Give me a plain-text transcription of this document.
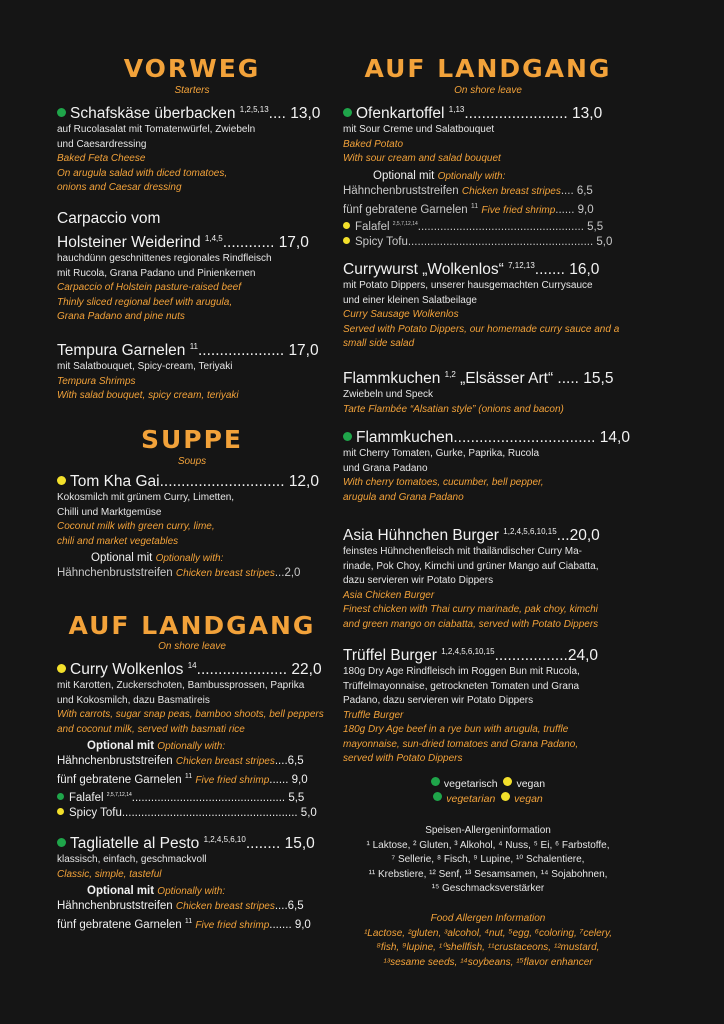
VORWEG
Starters
Schafskäse überbacken $^{1,2,5,13}$.... 13,0
auf Rucolasalat mit Tomatenwürfel, Zwiebeln
und Caesardressing
Baked Feta Cheese
On arugula salad with diced tomatoes,
onions and Caesar dressing
Carpaccio vom
Holsteiner Weiderind $^{1,4,5}$............ 17,0
hauchdünn geschnittenes regionales Rindfleisch
mit Rucola, Grana Padano und Pinienkernen
Carpaccio of Holstein pasture-raised beef
Thinly sliced regional beef with arugula,
Grana Padano and pine nuts
Tempura Garnelen $^{11}$.................... 17,0
mit Salatbouquet, Spicy-cream, Teriyaki
Tempura Shrimps
With salad bouquet, spicy cream, teriyaki
SUPPE
Soups
Tom Kha Gai............................. 12,0
Kokosmilch mit grünem Curry, Limetten,
Chilli und Marktgemüse
Coconut milk with green curry, lime,
chili and market vegetables
Optional mit Optionally with:
Hähnchenbruststreifen Chicken breast stripes...2,0
AUF LANDGANG
On shore leave
Curry Wolkenlos $^{14}$..................... 22,0
mit Karotten, Zuckerschoten, Bambussprossen, Paprika
und Kokosmilch, dazu Basmatireis
With carrots, sugar snap peas, bamboo shoots, bell peppers
and coconut milk, served with basmati rice
Optional mit Optionally with:
Hähnchenbruststreifen Chicken breast stripes....6,5
fünf gebratene Garnelen $^{11}$ Five fried shrimp...... 9,0
Falafel $^{2,5,7,12,14}$................................................ 5,5
Spicy Tofu....................................................... 5,0
Tagliatelle al Pesto $^{1,2,4,5,6,10}$........ 15,0
klassisch, einfach, geschmackvoll
Classic, simple, tasteful
Optional mit Optionally with:
Hähnchenbruststreifen Chicken breast stripes....6,5
fünf gebratene Garnelen $^{11}$ Five fried shrimp....... 9,0
AUF LANDGANG
On shore leave
Ofenkartoffel $^{1,13}$........................ 13,0
mit Sour Creme und Salatbouquet
Baked Potato
With sour cream and salad bouquet
Optional mit Optionally with:
Hähnchenbruststreifen Chicken breast stripes.... 6,5
fünf gebratene Garnelen $^{11}$ Five fried shrimp...... 9,0
Falafel $^{2,5,7,12,14}$.................................................... 5,5
Spicy Tofu.......................................................... 5,0
Currywurst „Wolkenlos“ $^{7,12,13}$....... 16,0
mit Potato Dippers, unserer hausgemachten Currysauce
und einer kleinen Salatbeilage
Curry Sausage Wolkenlos
Served with Potato Dippers, our homemade curry sauce and a
small side salad
Flammkuchen $^{1,2}$ „Elsässer Art“ ..... 15,5
Zwiebeln und Speck
Tarte Flambée “Alsatian style” (onions and bacon)
Flammkuchen................................. 14,0
mit Cherry Tomaten, Gurke, Paprika, Rucola
und Grana Padano
With cherry tomatoes, cucumber, bell pepper,
arugula and Grana Padano
Asia Hühnchen Burger $^{1,2,4,5,6,10,15}$...20,0
feinstes Hühnchenfleisch mit thailändischer Curry Ma-
rinade, Pok Choy, Kimchi und grüner Mango auf Ciabatta,
dazu servieren wir Potato Dippers
Asia Chicken Burger
Finest chicken with Thai curry marinade, pak choy, kimchi
and green mango on ciabatta, served with Potato Dippers
Trüffel Burger $^{1,2,4,5,6,10,15}$.................24,0
180g Dry Age Rindfleisch im Roggen Bun mit Rucola,
Trüffelmayonnaise, getrockneten Tomaten und Grana
Padano, dazu servieren wir Potato Dippers
Truffle Burger
180g Dry Age beef in a rye bun with arugula, truffle
mayonnaise, sun-dried tomatoes and Grana Padano,
served with Potato Dippers
vegetarisch vegan
vegetarian vegan
Speisen-Allergeninformation
¹ Laktose, ² Gluten, ³ Alkohol, ⁴ Nuss, ⁵ Ei, ⁶ Farbstoffe,
⁷ Sellerie, ⁸ Fisch, ⁹ Lupine, ¹⁰ Schalentiere,
¹¹ Krebstiere, ¹² Senf, ¹³ Sesamsamen, ¹⁴ Sojabohnen,
¹⁵ Geschmacksverstärker
Food Allergen Information
¹Lactose, ²gluten, ³alcohol, ⁴nut, ⁵egg, ⁶coloring, ⁷celery,
⁸fish, ⁹lupine, ¹⁰shellfish, ¹¹crustaceons, ¹²mustard,
¹³sesame seeds, ¹⁴soybeans, ¹⁵flavor enhancer
